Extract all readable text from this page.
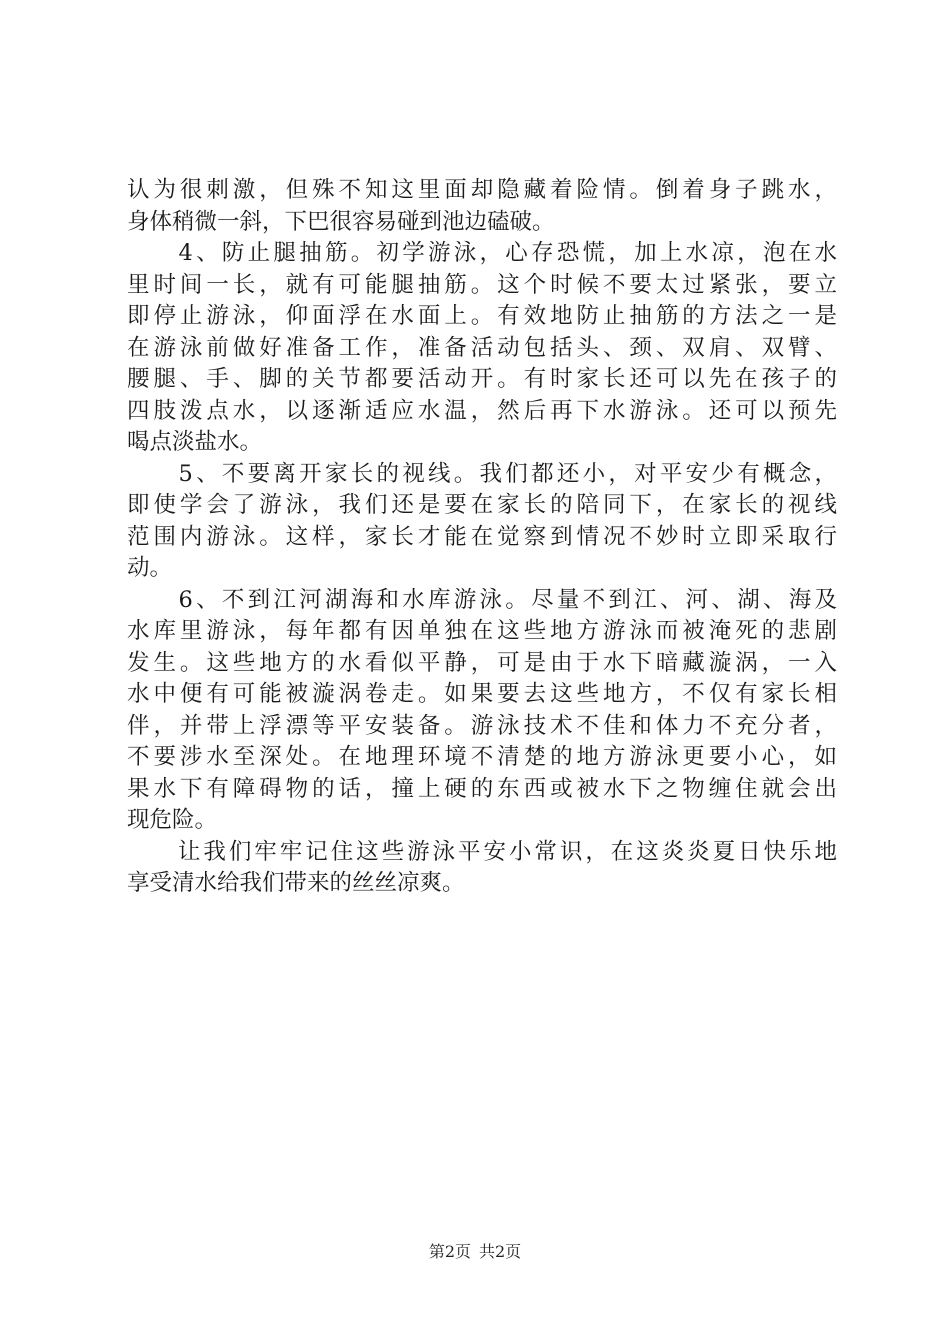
认为很刺激，但殊不知这里面却隐藏着险情。倒着身子跳水，
身体稍微一斜，下巴很容易碰到池边磕破。
　　4、防止腿抽筋。初学游泳，心存恐慌，加上水凉，泡在水
里时间一长，就有可能腿抽筋。这个时候不要太过紧张，要立
即停止游泳，仰面浮在水面上。有效地防止抽筋的方法之一是
在游泳前做好准备工作，准备活动包括头、颈、双肩、双臂、
腰腿、手、脚的关节都要活动开。有时家长还可以先在孩子的
四肢泼点水，以逐渐适应水温，然后再下水游泳。还可以预先
喝点淡盐水。
　　5、不要离开家长的视线。我们都还小，对平安少有概念，
即使学会了游泳，我们还是要在家长的陪同下，在家长的视线
范围内游泳。这样，家长才能在觉察到情况不妙时立即采取行
动。
　　6、不到江河湖海和水库游泳。尽量不到江、河、湖、海及
水库里游泳，每年都有因单独在这些地方游泳而被淹死的悲剧
发生。这些地方的水看似平静，可是由于水下暗藏漩涡，一入
水中便有可能被漩涡卷走。如果要去这些地方，不仅有家长相
伴，并带上浮漂等平安装备。游泳技术不佳和体力不充分者，
不要涉水至深处。在地理环境不清楚的地方游泳更要小心，如
果水下有障碍物的话，撞上硬的东西或被水下之物缠住就会出
现危险。
　　让我们牢牢记住这些游泳平安小常识，在这炎炎夏日快乐地
享受清水给我们带来的丝丝凉爽。
第2页 共2页
